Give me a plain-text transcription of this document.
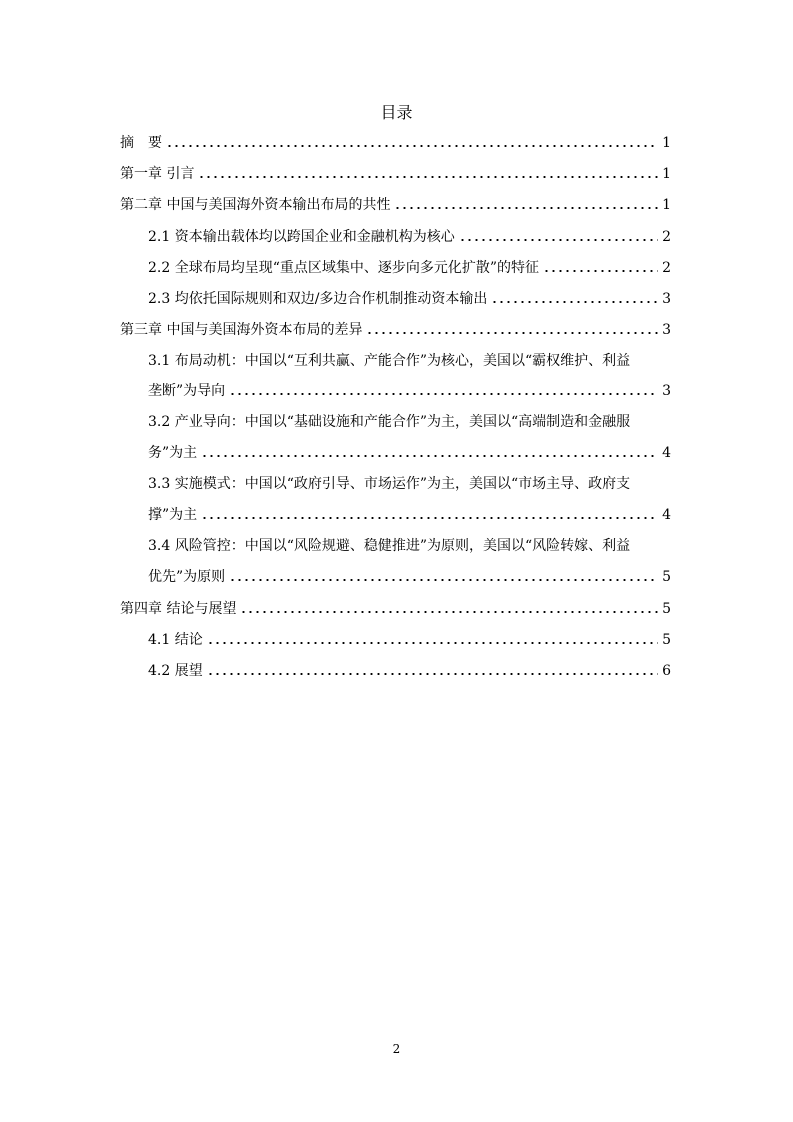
目录
摘　要	1
第一章 引言	1
第二章 中国与美国海外资本输出布局的共性	1
2.1 资本输出载体均以跨国企业和金融机构为核心	2
2.2 全球布局均呈现“重点区域集中、逐步向多元化扩散”的特征	2
2.3 均依托国际规则和双边/多边合作机制推动资本输出	3
第三章 中国与美国海外资本布局的差异	3
3.1 布局动机：中国以“互利共赢、产能合作”为核心，美国以“霸权维护、利益
垄断”为导向	3
3.2 产业导向：中国以“基础设施和产能合作”为主，美国以“高端制造和金融服
务”为主	4
3.3 实施模式：中国以“政府引导、市场运作”为主，美国以“市场主导、政府支
撑”为主	4
3.4 风险管控：中国以“风险规避、稳健推进”为原则，美国以“风险转嫁、利益
优先”为原则	5
第四章 结论与展望	5
4.1 结论	5
4.2 展望	6
2
